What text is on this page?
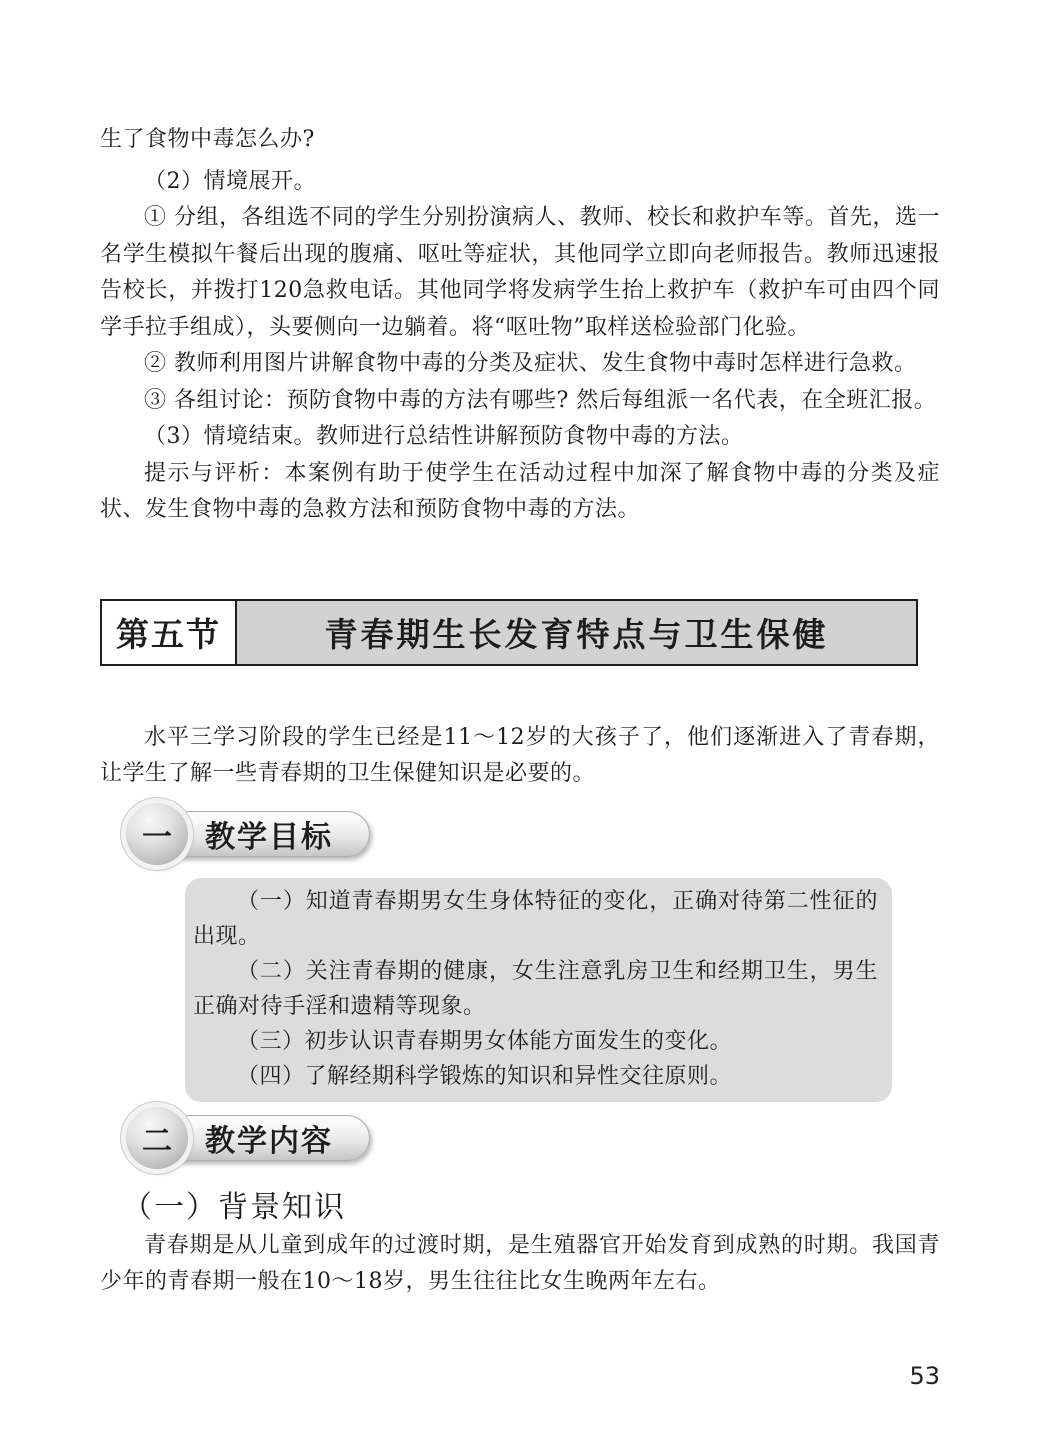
生了食物中毒怎么办?

（2）情境展开。

① 分组，各组选不同的学生分别扮演病人、教师、校长和救护车等。首先，选一名学生模拟午餐后出现的腹痛、呕吐等症状，其他同学立即向老师报告。教师迅速报告校长，并拨打120急救电话。其他同学将发病学生抬上救护车（救护车可由四个同学手拉手组成），头要侧向一边躺着。将“呕吐物”取样送检验部门化验。

② 教师利用图片讲解食物中毒的分类及症状、发生食物中毒时怎样进行急救。

③ 各组讨论：预防食物中毒的方法有哪些? 然后每组派一名代表，在全班汇报。

（3）情境结束。教师进行总结性讲解预防食物中毒的方法。

提示与评析：本案例有助于使学生在活动过程中加深了解食物中毒的分类及症状、发生食物中毒的急救方法和预防食物中毒的方法。

第五节	青春期生长发育特点与卫生保健

水平三学习阶段的学生已经是11～12岁的大孩子了，他们逐渐进入了青春期，让学生了解一些青春期的卫生保健知识是必要的。

教学目标
一

（一）知道青春期男女生身体特征的变化，正确对待第二性征的出现。

（二）关注青春期的健康，女生注意乳房卫生和经期卫生，男生正确对待手淫和遗精等现象。

（三）初步认识青春期男女体能方面发生的变化。

（四）了解经期科学锻炼的知识和异性交往原则。

教学内容
二
（一）背景知识

青春期是从儿童到成年的过渡时期，是生殖器官开始发育到成熟的时期。我国青少年的青春期一般在10～18岁，男生往往比女生晚两年左右。

53
